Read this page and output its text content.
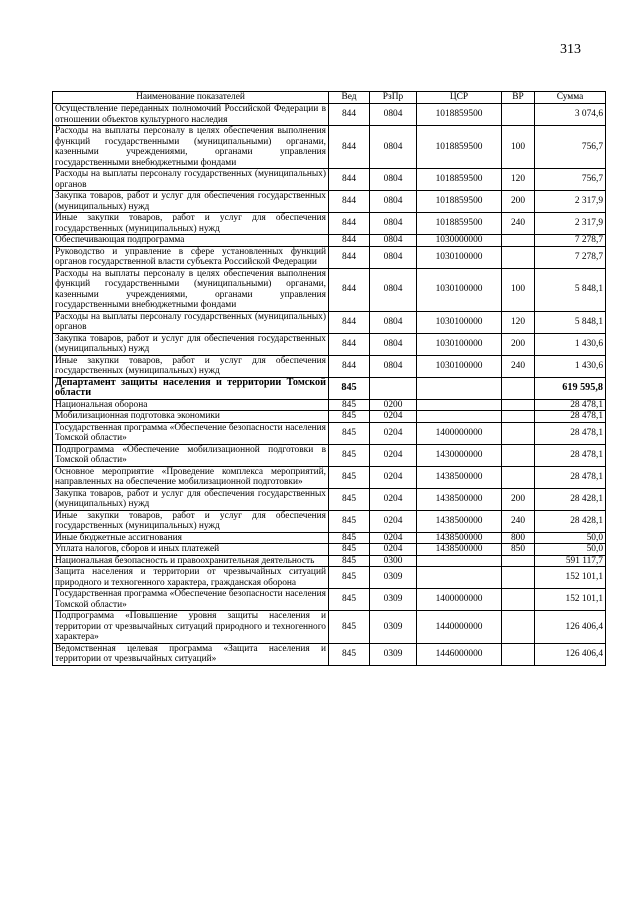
313
Наименование показателей	Вед	РзПр	ЦСР	ВР	Сумма
Осуществление переданных полномочий Российской Федерации в отношении объектов культурного наследия	844	0804	1018859500		3 074,6
Расходы на выплаты персоналу в целях обеспечения выполнения функций государственными (муниципальными) органами, казенными учреждениями, органами управления государственными внебюджетными фондами	844	0804	1018859500	100	756,7
Расходы на выплаты персоналу государственных (муниципальных) органов	844	0804	1018859500	120	756,7
Закупка товаров, работ и услуг для обеспечения государственных (муниципальных) нужд	844	0804	1018859500	200	2 317,9
Иные закупки товаров, работ и услуг для обеспечения государственных (муниципальных) нужд	844	0804	1018859500	240	2 317,9
Обеспечивающая подпрограмма	844	0804	1030000000		7 278,7
Руководство и управление в сфере установленных функций органов государственной власти субъекта Российской Федерации	844	0804	1030100000		7 278,7
Расходы на выплаты персоналу в целях обеспечения выполнения функций государственными (муниципальными) органами, казенными учреждениями, органами управления государственными внебюджетными фондами	844	0804	1030100000	100	5 848,1
Расходы на выплаты персоналу государственных (муниципальных) органов	844	0804	1030100000	120	5 848,1
Закупка товаров, работ и услуг для обеспечения государственных (муниципальных) нужд	844	0804	1030100000	200	1 430,6
Иные закупки товаров, работ и услуг для обеспечения государственных (муниципальных) нужд	844	0804	1030100000	240	1 430,6
Департамент защиты населения и территории Томской области	845				619 595,8
Национальная оборона	845	0200			28 478,1
Мобилизационная подготовка экономики	845	0204			28 478,1
Государственная программа «Обеспечение безопасности населения Томской области»	845	0204	1400000000		28 478,1
Подпрограмма «Обеспечение мобилизационной подготовки в Томской области»	845	0204	1430000000		28 478,1
Основное мероприятие «Проведение комплекса мероприятий, направленных на обеспечение мобилизационной подготовки»	845	0204	1438500000		28 478,1
Закупка товаров, работ и услуг для обеспечения государственных (муниципальных) нужд	845	0204	1438500000	200	28 428,1
Иные закупки товаров, работ и услуг для обеспечения государственных (муниципальных) нужд	845	0204	1438500000	240	28 428,1
Иные бюджетные ассигнования	845	0204	1438500000	800	50,0
Уплата налогов, сборов и иных платежей	845	0204	1438500000	850	50,0
Национальная безопасность и правоохранительная деятельность	845	0300			591 117,7
Защита населения и территории от чрезвычайных ситуаций природного и техногенного характера, гражданская оборона	845	0309			152 101,1
Государственная программа «Обеспечение безопасности населения Томской области»	845	0309	1400000000		152 101,1
Подпрограмма «Повышение уровня защиты населения и территории от чрезвычайных ситуаций природного и техногенного характера»	845	0309	1440000000		126 406,4
Ведомственная целевая программа «Защита населения и территории от чрезвычайных ситуаций»	845	0309	1446000000		126 406,4
